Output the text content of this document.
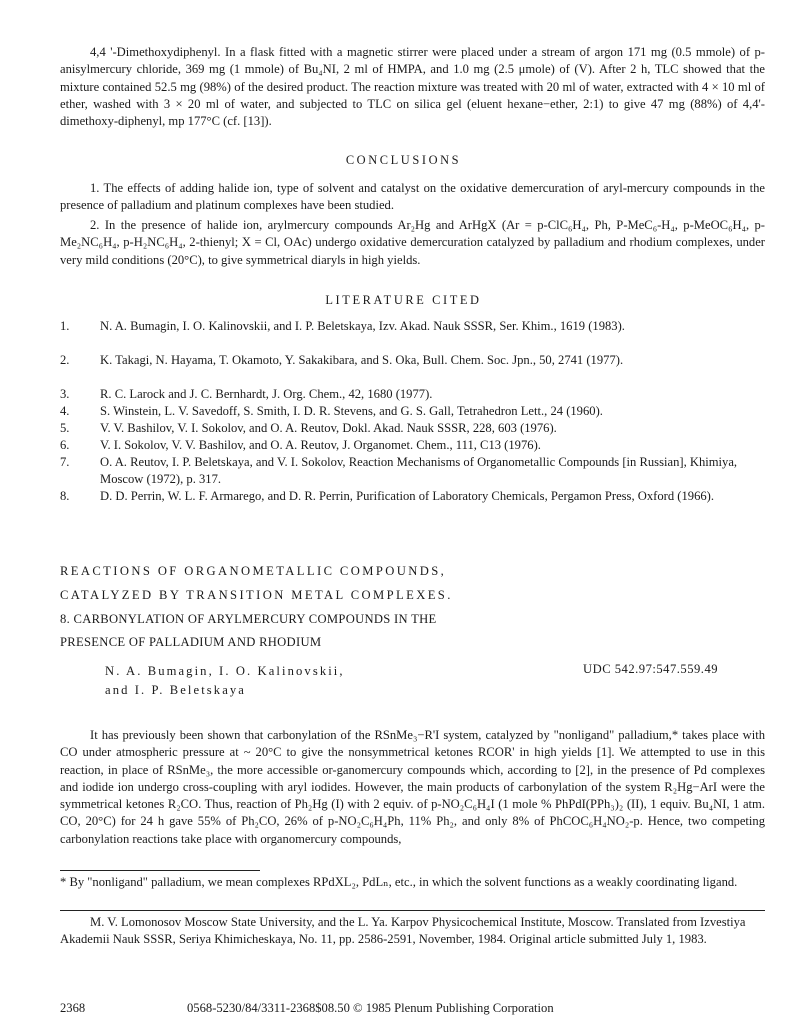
4,4 '-Dimethoxydiphenyl. In a flask fitted with a magnetic stirrer were placed under a stream of argon 171 mg (0.5 mmole) of p-anisylmercury chloride, 369 mg (1 mmole) of Bu₄NI, 2 ml of HMPA, and 1.0 mg (2.5 μmole) of (V). After 2 h, TLC showed that the mixture contained 52.5 mg (98%) of the desired product. The reaction mixture was treated with 20 ml of water, extracted with 4 × 10 ml of ether, washed with 3 × 20 ml of water, and subjected to TLC on silica gel (eluent hexane−ether, 2:1) to give 47 mg (88%) of 4,4'-dimethoxy-diphenyl, mp 177°C (cf. [13]).
CONCLUSIONS
1. The effects of adding halide ion, type of solvent and catalyst on the oxidative demercuration of aryl-mercury compounds in the presence of palladium and platinum complexes have been studied.
2. In the presence of halide ion, arylmercury compounds Ar₂Hg and ArHgX (Ar = p-ClC₆H₄, Ph, P-MeC₆-H₄, p-MeOC₆H₄, p-Me₂NC₆H₄, p-H₂NC₆H₄, 2-thienyl; X = Cl, OAc) undergo oxidative demercuration catalyzed by palladium and rhodium complexes, under very mild conditions (20°C), to give symmetrical diaryls in high yields.
LITERATURE CITED
1. N. A. Bumagin, I. O. Kalinovskii, and I. P. Beletskaya, Izv. Akad. Nauk SSSR, Ser. Khim., 1619 (1983).
2. K. Takagi, N. Hayama, T. Okamoto, Y. Sakakibara, and S. Oka, Bull. Chem. Soc. Jpn., 50, 2741 (1977).
3. R. C. Larock and J. C. Bernhardt, J. Org. Chem., 42, 1680 (1977).
4. S. Winstein, L. V. Savedoff, S. Smith, I. D. R. Stevens, and G. S. Gall, Tetrahedron Lett., 24 (1960).
5. V. V. Bashilov, V. I. Sokolov, and O. A. Reutov, Dokl. Akad. Nauk SSSR, 228, 603 (1976).
6. V. I. Sokolov, V. V. Bashilov, and O. A. Reutov, J. Organomet. Chem., 111, C13 (1976).
7. O. A. Reutov, I. P. Beletskaya, and V. I. Sokolov, Reaction Mechanisms of Organometallic Compounds [in Russian], Khimiya, Moscow (1972), p. 317.
8. D. D. Perrin, W. L. F. Armarego, and D. R. Perrin, Purification of Laboratory Chemicals, Pergamon Press, Oxford (1966).
REACTIONS OF ORGANOMETALLIC COMPOUNDS,
CATALYZED BY TRANSITION METAL COMPLEXES.
8. CARBONYLATION OF ARYLMERCURY COMPOUNDS IN THE
PRESENCE OF PALLADIUM AND RHODIUM
N. A. Bumagin, I. O. Kalinovskii,
and I. P. Beletskaya
UDC 542.97:547.559.49
It has previously been shown that carbonylation of the RSnMe₃−R'I system, catalyzed by "nonligand" palladium,* takes place with CO under atmospheric pressure at ~ 20°C to give the nonsymmetrical ketones RCOR' in high yields [1]. We attempted to use in this reaction, in place of RSnMe₃, the more accessible or-ganomercury compounds which, according to [2], in the presence of Pd complexes and iodide ion undergo cross-coupling with aryl iodides. However, the main products of carbonylation of the system R₂Hg−ArI were the symmetrical ketones R₂CO. Thus, reaction of Ph₂Hg (I) with 2 equiv. of p-NO₂C₆H₄I (1 mole % PhPdI(PPh₃)₂ (II), 1 equiv. Bu₄NI, 1 atm. CO, 20°C) for 24 h gave 55% of Ph₂CO, 26% of p-NO₂C₆H₄Ph, 11% Ph₂, and only 8% of PhCOC₆H₄NO₂-p. Hence, two competing carbonylation reactions take place with organomercury compounds,
* By "nonligand" palladium, we mean complexes RPdXL₂, PdLₙ, etc., in which the solvent functions as a weakly coordinating ligand.
M. V. Lomonosov Moscow State University, and the L. Ya. Karpov Physicochemical Institute, Moscow. Translated from Izvestiya Akademii Nauk SSSR, Seriya Khimicheskaya, No. 11, pp. 2586-2591, November, 1984. Original article submitted July 1, 1983.
2368	0568-5230/84/3311-2368$08.50 © 1985 Plenum Publishing Corporation
